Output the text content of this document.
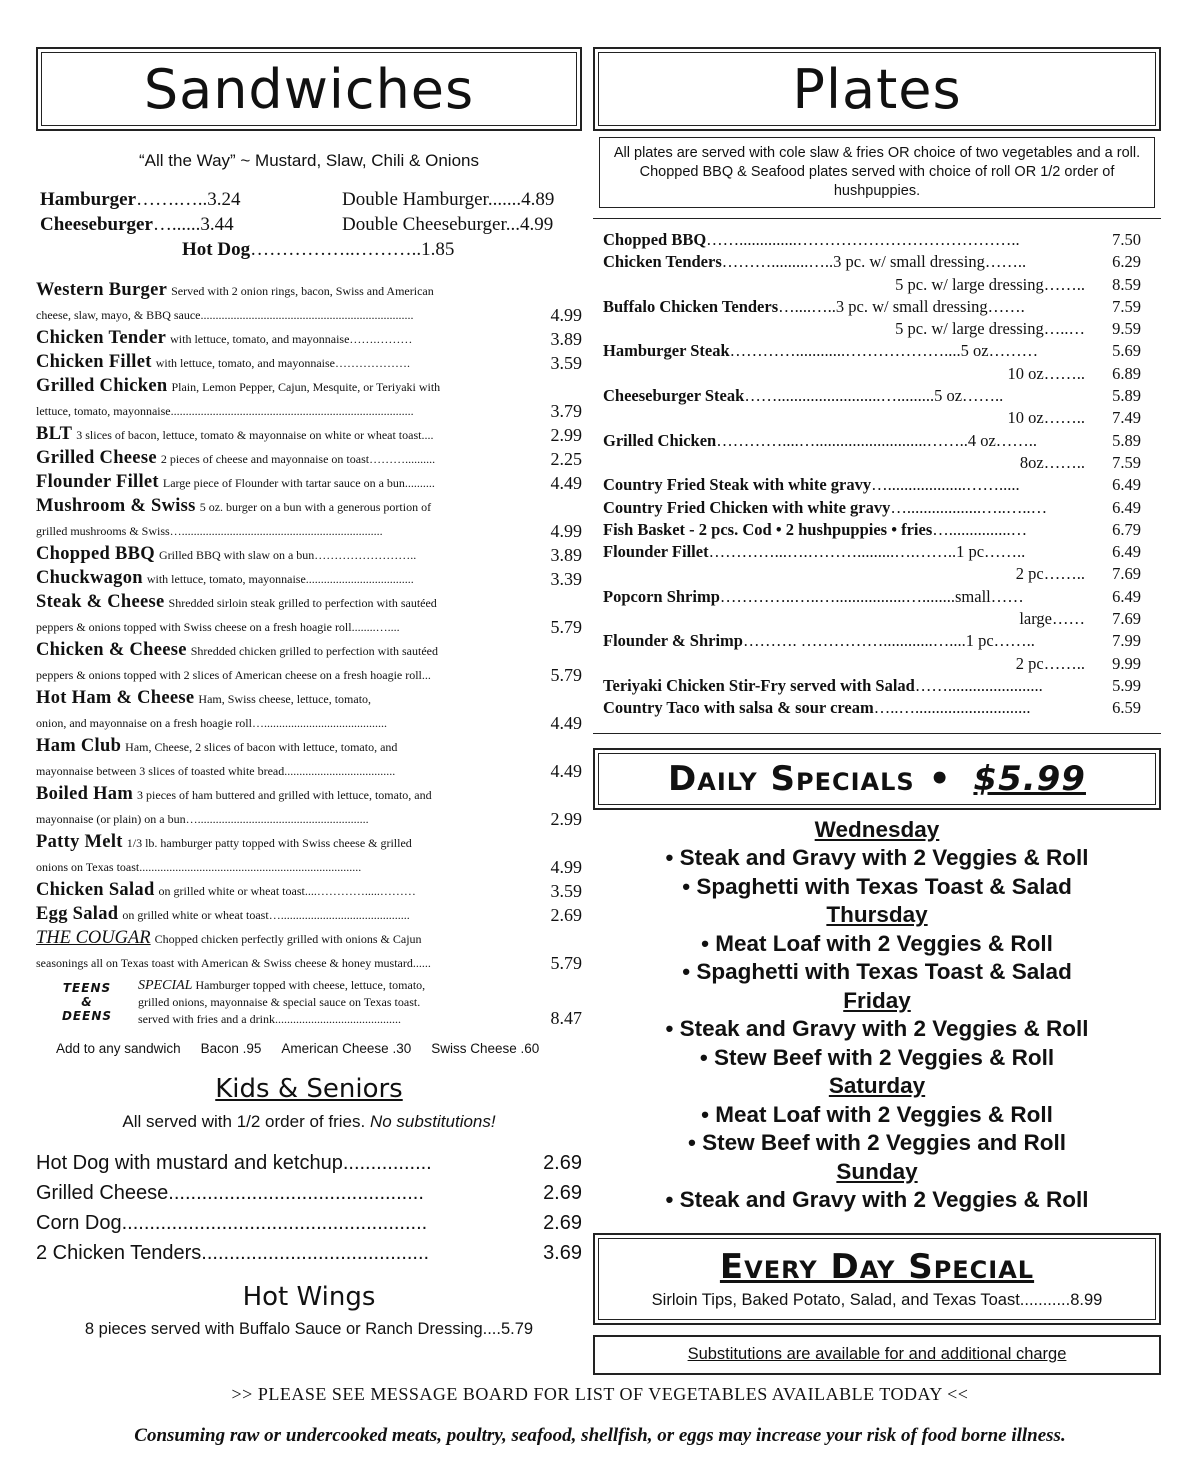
Sandwiches
“All the Way” ~ Mustard, Slaw, Chili & Onions
Hamburger…….…..3.24
Cheeseburger…......3.44
Double Hamburger.......4.89
Double Cheeseburger...4.99
Hot Dog……………..………..1.85
Western Burger Served with 2 onion rings, bacon, Swiss and American
cheese, slaw, mayo, & BBQ sauce.......................................................................	4.99
Chicken Tender with lettuce, tomato, and mayonnaise…….………	3.89
Chicken Fillet with lettuce, tomato, and mayonnaise……………….	3.59
Grilled Chicken Plain, Lemon Pepper, Cajun, Mesquite, or Teriyaki with
lettuce, tomato, mayonnaise.................................................................................	3.79
BLT 3 slices of bacon, lettuce, tomato & mayonnaise on white or wheat toast....	2.99
Grilled Cheese 2 pieces of cheese and mayonnaise on toast………..........	2.25
Flounder Fillet Large piece of Flounder with tartar sauce on a bun..........	4.49
Mushroom & Swiss 5 oz. burger on a bun with a generous portion of
grilled mushrooms & Swiss…...................................................................	4.99
Chopped BBQ Grilled BBQ with slaw on a bun……………………..	3.89
Chuckwagon with lettuce, tomato, mayonnaise....................................	3.39
Steak & Cheese Shredded sirloin steak grilled to perfection with sautéed
peppers & onions topped with Swiss cheese on a fresh hoagie roll........…....	5.79
Chicken & Cheese Shredded chicken grilled to perfection with sautéed
peppers & onions topped with 2 slices of American cheese on a fresh hoagie roll...	5.79
Hot Ham & Cheese Ham, Swiss cheese, lettuce, tomato,
onion, and mayonnaise on a fresh hoagie roll….........................................	4.49
Ham Club Ham, Cheese, 2 slices of bacon with lettuce, tomato, and
mayonnaise between 3 slices of toasted white bread.....................................	4.49
Boiled Ham 3 pieces of ham buttered and grilled with lettuce, tomato, and
mayonnaise (or plain) on a bun….........................................................	2.99
Patty Melt 1/3 lb. hamburger patty topped with Swiss cheese & grilled
onions on Texas toast..........................................................................	4.99
Chicken Salad on grilled white or wheat toast....………….....………	3.59
Egg Salad on grilled white or wheat toast…...........................................	2.69
THE COUGAR Chopped chicken perfectly grilled with onions & Cajun
seasonings all on Texas toast with American & Swiss cheese & honey mustard......	5.79
TEENS
&
DEENS
SPECIAL Hamburger topped with cheese, lettuce, tomato,
grilled onions, mayonnaise & special sauce on Texas toast.
served with fries and a drink..........................................	8.47
Add to any sandwich Bacon .95 American Cheese .30 Swiss Cheese .60
Kids & Seniors
All served with 1/2 order of fries. No substitutions!
Hot Dog with mustard and ketchup................	2.69
Grilled Cheese..............................................	2.69
Corn Dog.......................................................	2.69
2 Chicken Tenders.........................................	3.69
Hot Wings
8 pieces served with Buffalo Sauce or Ranch Dressing....5.79
Plates
All plates are served with cole slaw & fries OR choice of two vegetables and a roll. Chopped BBQ & Seafood plates served with choice of roll OR 1/2 order of hushpuppies.
Chopped BBQ……..............…………………………………..	7.50
Chicken Tenders……….........…..3 pc. w/ small dressing……..	6.29
5 pc. w/ large dressing……..	8.59
Buffalo Chicken Tenders…....…..3 pc. w/ small dressing…….	7.59
5 pc. w/ large dressing…..…	9.59
Hamburger Steak…………............………………....5 oz………	5.69
10 oz……..	6.89
Cheeseburger Steak…….........................….........5 oz……..	5.89
10 oz……..	7.49
Grilled Chicken…………....…...........................……..4 oz……..	5.89
8oz……..	7.59
Country Fried Steak with white gravy…...................…….....	6.49
Country Fried Chicken with white gravy…..................…..…..…	6.49
Fish Basket - 2 pcs. Cod • 2 hushpuppies • fries…...............…	6.79
Flounder Fillet…………...….……….........….……..1 pc……..	6.49
2 pc……..	7.69
Popcorn Shrimp…………..…..….................…........small……	6.49
large……	7.69
Flounder & Shrimp………. ……………............…....1 pc……..	7.99
2 pc……..	9.99
Teriyaki Chicken Stir-Fry served with Salad…….......................	5.99
Country Taco with salsa & sour cream…..…............................	6.59
Daily Specials • $5.99
Wednesday
• Steak and Gravy with 2 Veggies & Roll
• Spaghetti with Texas Toast & Salad
Thursday
• Meat Loaf with 2 Veggies & Roll
• Spaghetti with Texas Toast & Salad
Friday
• Steak and Gravy with 2 Veggies & Roll
• Stew Beef with 2 Veggies & Roll
Saturday
• Meat Loaf with 2 Veggies & Roll
• Stew Beef with 2 Veggies and Roll
Sunday
• Steak and Gravy with 2 Veggies & Roll
Every Day Special
Sirloin Tips, Baked Potato, Salad, and Texas Toast...........8.99
Substitutions are available for and additional charge
>> PLEASE SEE MESSAGE BOARD FOR LIST OF VEGETABLES AVAILABLE TODAY <<
Consuming raw or undercooked meats, poultry, seafood, shellfish, or eggs may increase your risk of food borne illness.
